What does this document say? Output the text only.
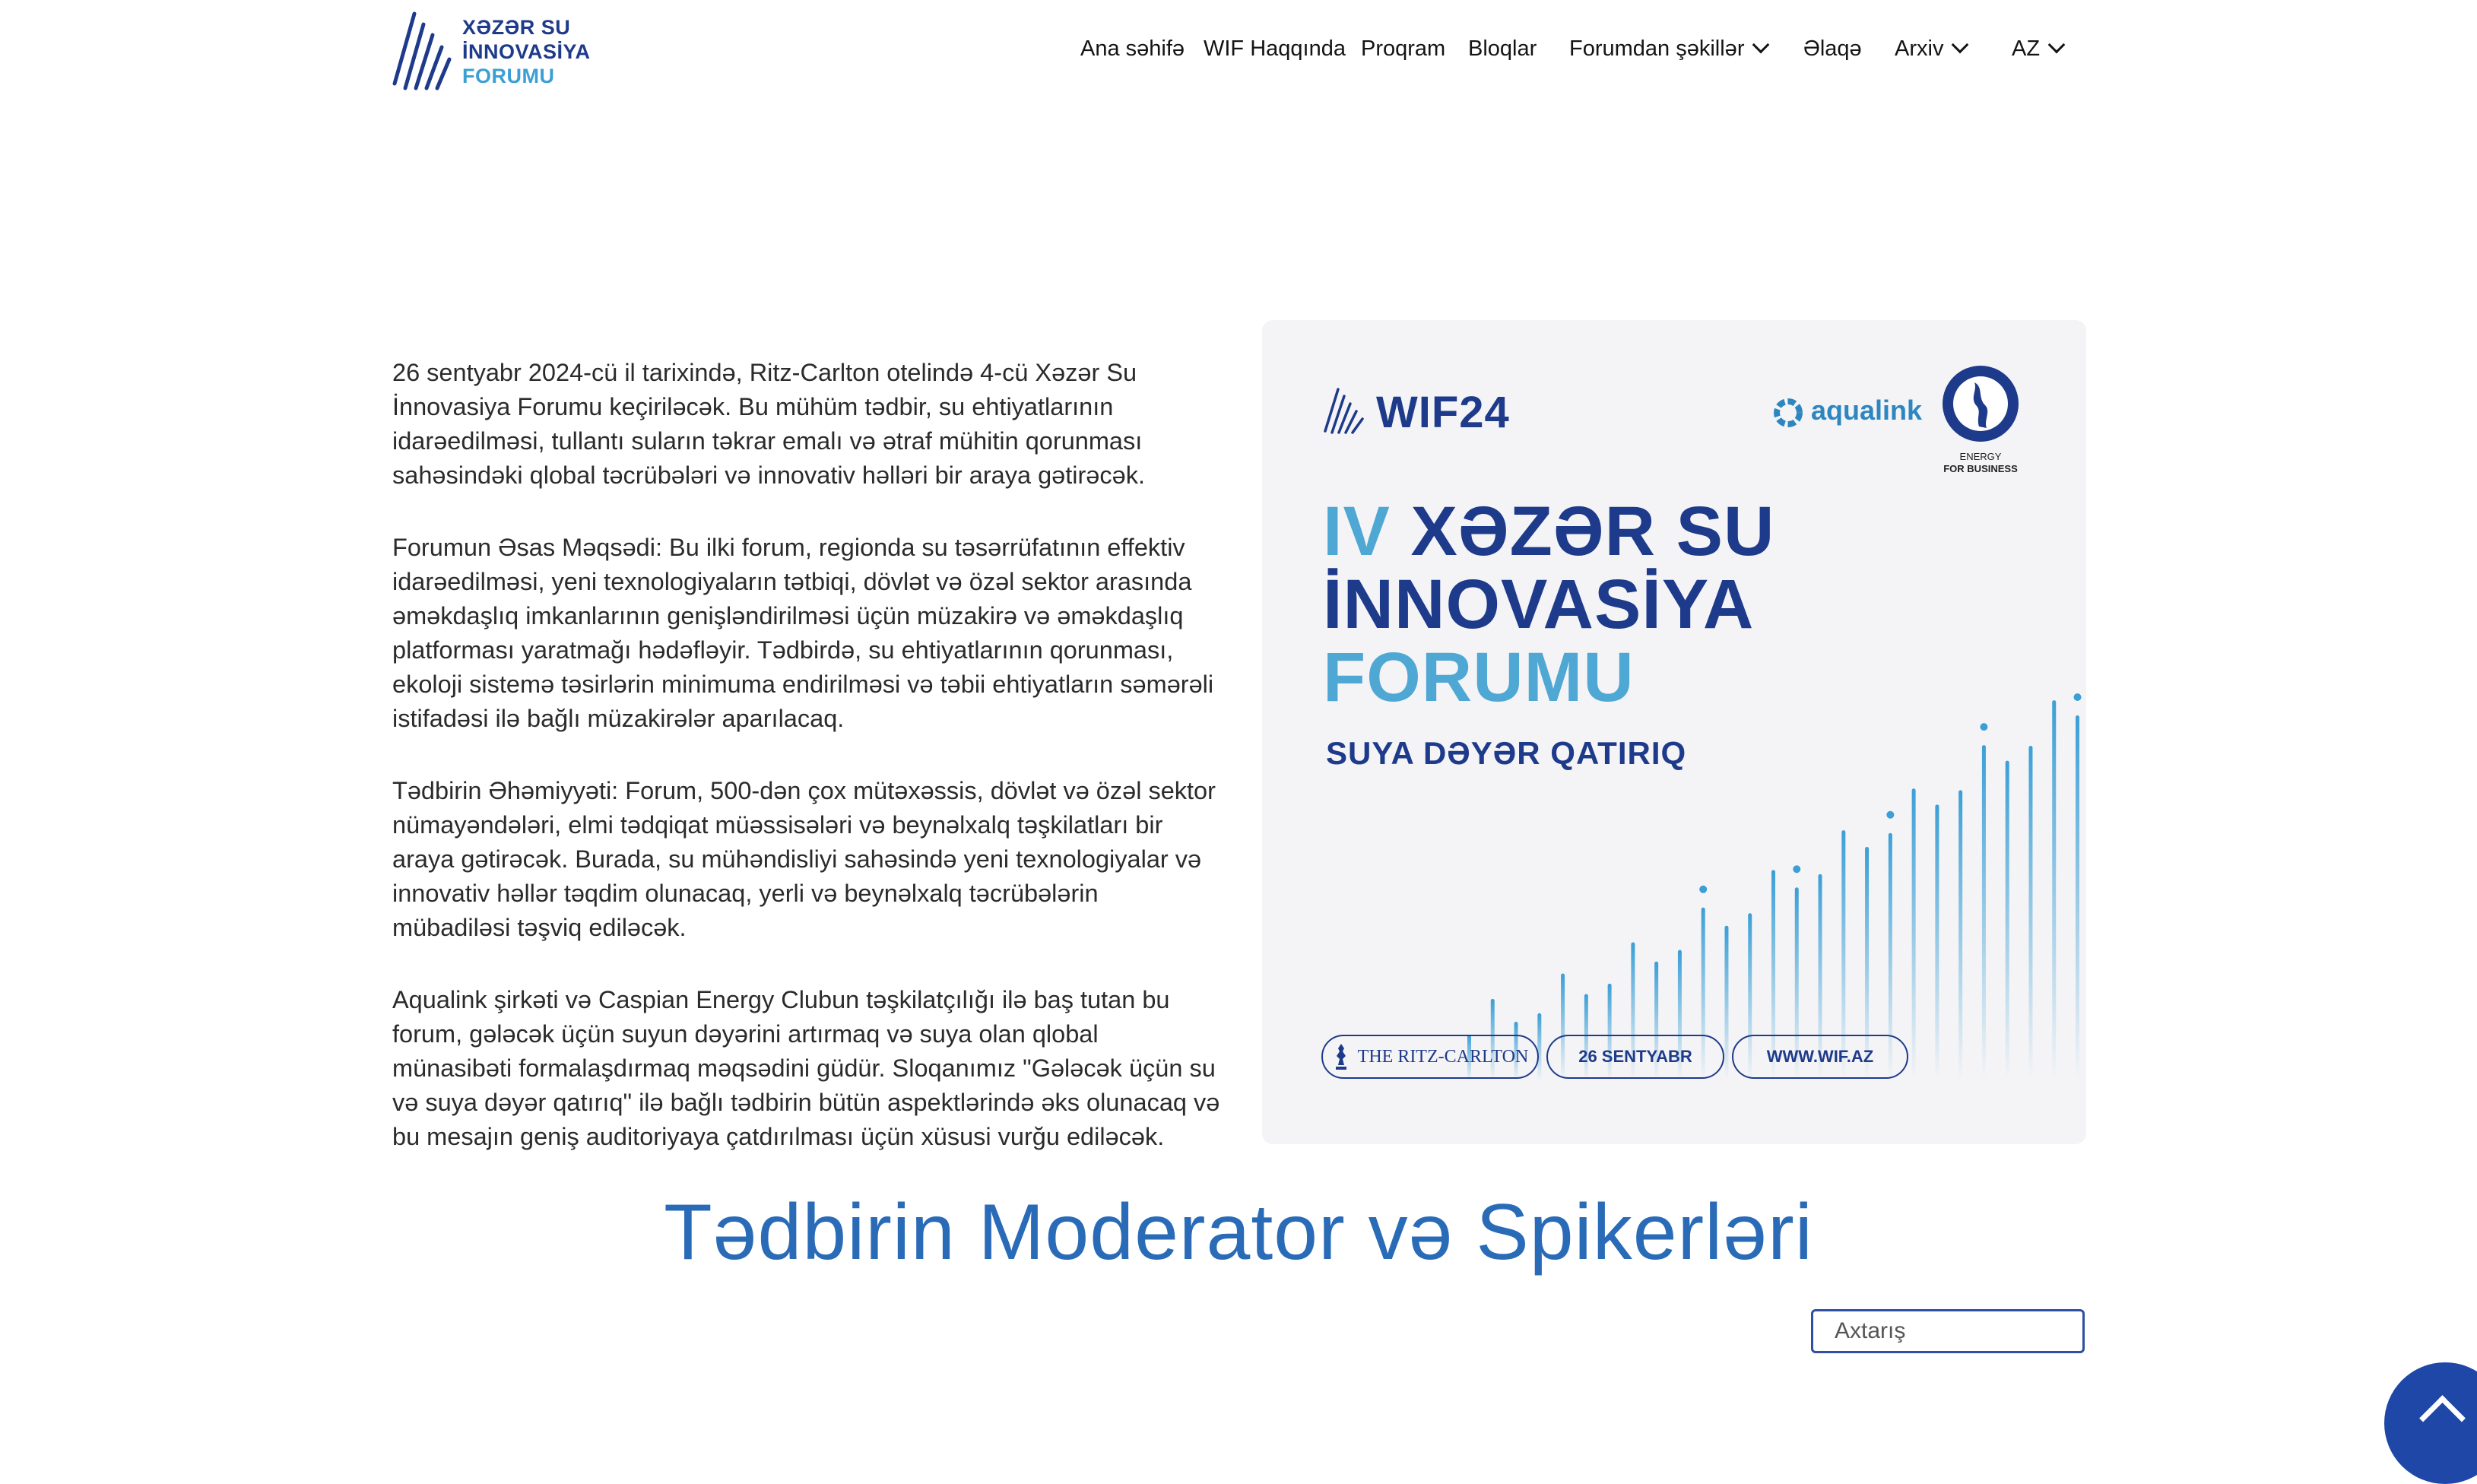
XƏZƏR SU
İNNOVASİYA
FORUMU
Ana səhifə WIF Haqqında Proqram Bloqlar Forumdan şəkillər	Əlaqə Arxiv	AZ

26 sentyabr 2024-cü il tarixində, Ritz-Carlton otelində 4-cü Xəzər Su İnnovasiya Forumu keçiriləcək. Bu mühüm tədbir, su ehtiyatlarının idarəedilməsi, tullantı suların təkrar emalı və ətraf mühitin qorunması sahəsindəki qlobal təcrübələri və innovativ həlləri bir araya gətirəcək.

Forumun Əsas Məqsədi: Bu ilki forum, regionda su təsərrüfatının effektiv idarəedilməsi, yeni texnologiyaların tətbiqi, dövlət və özəl sektor arasında əməkdaşlıq imkanlarının genişləndirilməsi üçün müzakirə və əməkdaşlıq platforması yaratmağı hədəfləyir. Tədbirdə, su ehtiyatlarının qorunması, ekoloji sistemə təsirlərin minimuma endirilməsi və təbii ehtiyatların səmərəli istifadəsi ilə bağlı müzakirələr aparılacaq.

Tədbirin Əhəmiyyəti: Forum, 500-dən çox mütəxəssis, dövlət və özəl sektor nümayəndələri, elmi tədqiqat müəssisələri və beynəlxalq təşkilatları bir araya gətirəcək. Burada, su mühəndisliyi sahəsində yeni texnologiyalar və innovativ həllər təqdim olunacaq, yerli və beynəlxalq təcrübələrin mübadiləsi təşviq ediləcək.

Aqualink şirkəti və Caspian Energy Clubun təşkilatçılığı ilə baş tutan bu forum, gələcək üçün suyun dəyərini artırmaq və suya olan qlobal münasibəti formalaşdırmaq məqsədini güdür. Sloqanımız "Gələcək üçün su və suya dəyər qatırıq" ilə bağlı tədbirin bütün aspektlərində əks olunacaq və bu mesajın geniş auditoriyaya çatdırılması üçün xüsusi vurğu ediləcək.

WIF24	aqualink
ENERGY
FOR BUSINESS
IV XƏZƏR SU
İNNOVASİYA
FORUMU
SUYA DƏYƏR QATIRIQ
THE RITZ-CARLTON	26 SENTYABR	WWW.WIF.AZ
Tədbirin Moderator və Spikerləri
Axtarış
